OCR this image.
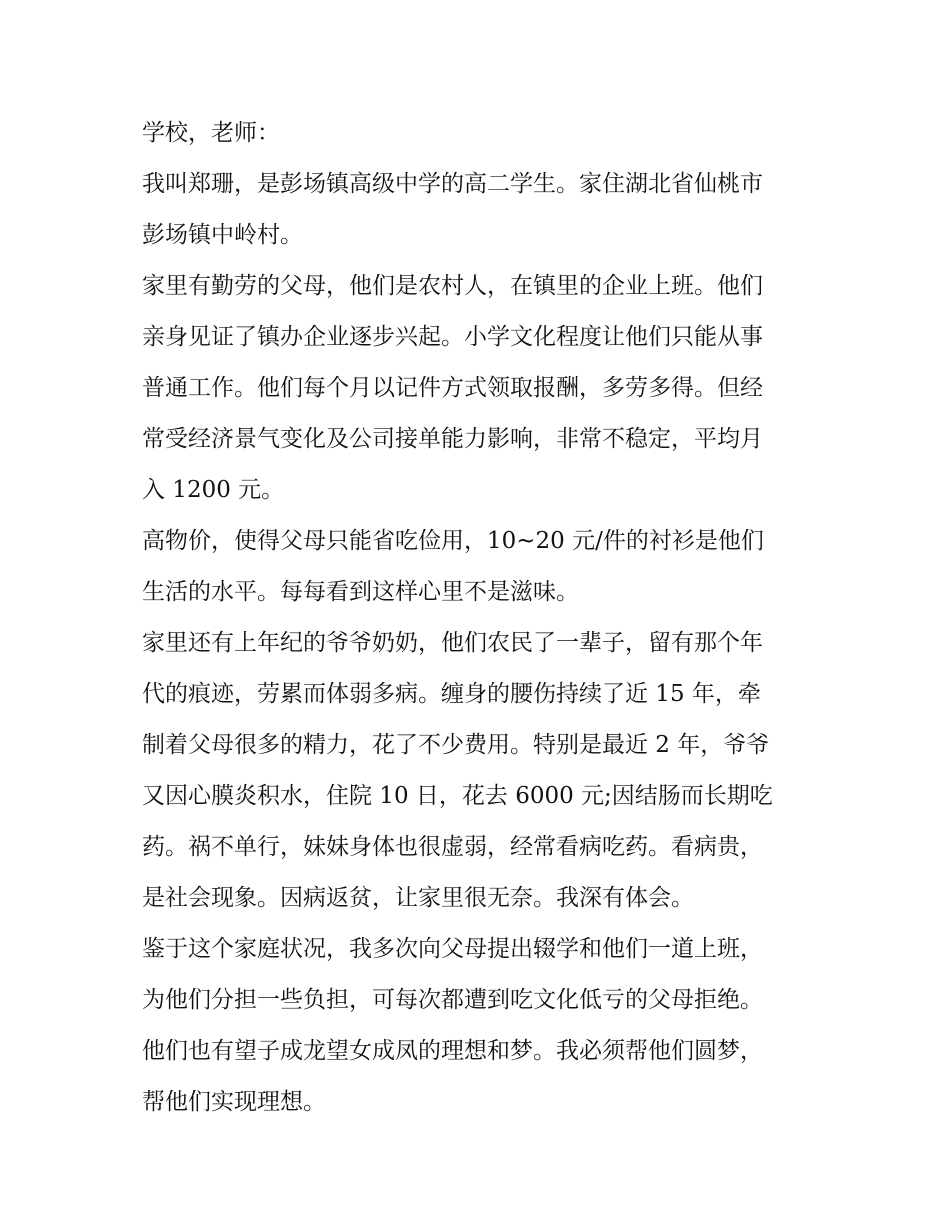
学校，老师：
我叫郑珊，是彭场镇高级中学的高二学生。家住湖北省仙桃市
彭场镇中岭村。
家里有勤劳的父母，他们是农村人，在镇里的企业上班。他们
亲身见证了镇办企业逐步兴起。小学文化程度让他们只能从事
普通工作。他们每个月以记件方式领取报酬，多劳多得。但经
常受经济景气变化及公司接单能力影响，非常不稳定，平均月
入 1200 元。
高物价，使得父母只能省吃俭用，10~20 元/件的衬衫是他们
生活的水平。每每看到这样心里不是滋味。
家里还有上年纪的爷爷奶奶，他们农民了一辈子，留有那个年
代的痕迹，劳累而体弱多病。缠身的腰伤持续了近 15 年，牵
制着父母很多的精力，花了不少费用。特别是最近 2 年，爷爷
又因心膜炎积水，住院 10 日，花去 6000 元;因结肠而长期吃
药。祸不单行，妹妹身体也很虚弱，经常看病吃药。看病贵，
是社会现象。因病返贫，让家里很无奈。我深有体会。
鉴于这个家庭状况，我多次向父母提出辍学和他们一道上班，
为他们分担一些负担，可每次都遭到吃文化低亏的父母拒绝。
他们也有望子成龙望女成凤的理想和梦。我必须帮他们圆梦，
帮他们实现理想。
